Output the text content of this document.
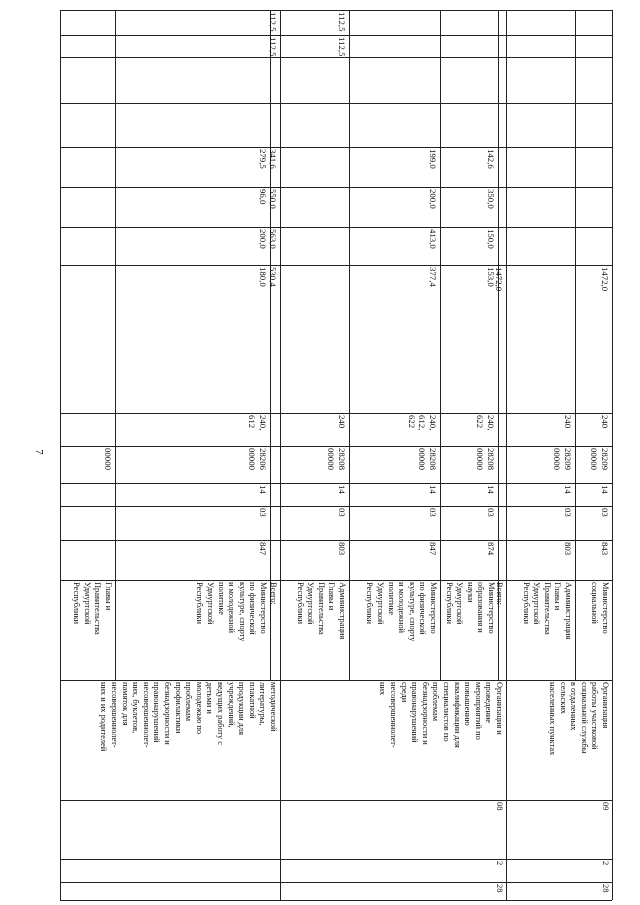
7
методической
литературы,
плакатной
продукции для
учреждений,
ведущих работу с
детьми и
молодежью по
проблемам
профилактики
безнадзорности и
правонарушений
несовершеннолет-
них, буклетов,
памяток для
несовершеннолет-
них и их родителей
Главы и
Правительства
Удмуртской
Республики
00000
Министерство
по физической
культуре, спорту
и молодежной
политике
Удмуртской
Республики
847
03
14
28206
00000
240,
612
180,0
200,0
96,0
279,5
Всего:
530,4
563,0
550,0
341,6
112,5
112,5
28
2
08
Организация и
проведение
мероприятий по
повышению
квалификации для
специалистов по
проблемам
безнадзорности и
правонарушений
среди
несовершеннолет-
них
Администрация
Главы и
Правительства
Удмуртской
Республики
803
03
14
28208
00000
240
112,5
112,5
Министерство
по физической
культуре, спорту
и молодежной
политике
Удмуртской
Республики
847
03
14
28208
00000
240,
612,
622
377,4
413,0
200,0
199,0
Министерство
образования и
науки
Удмуртской
Республики
874
03
14
28208
00000
240,
622
153,0
150,0
350,0
142,6
Всего:
1472,0
28
2
09
Организация
работы участковой
социальной службы
в отдаленных
сельских
населенных пунктах
Администрация
Главы и
Правительства
Удмуртской
Республики
803
03
14
28209
00000
240
Министерство
социальной
843
03
14
28209
00000
240
1472,0
